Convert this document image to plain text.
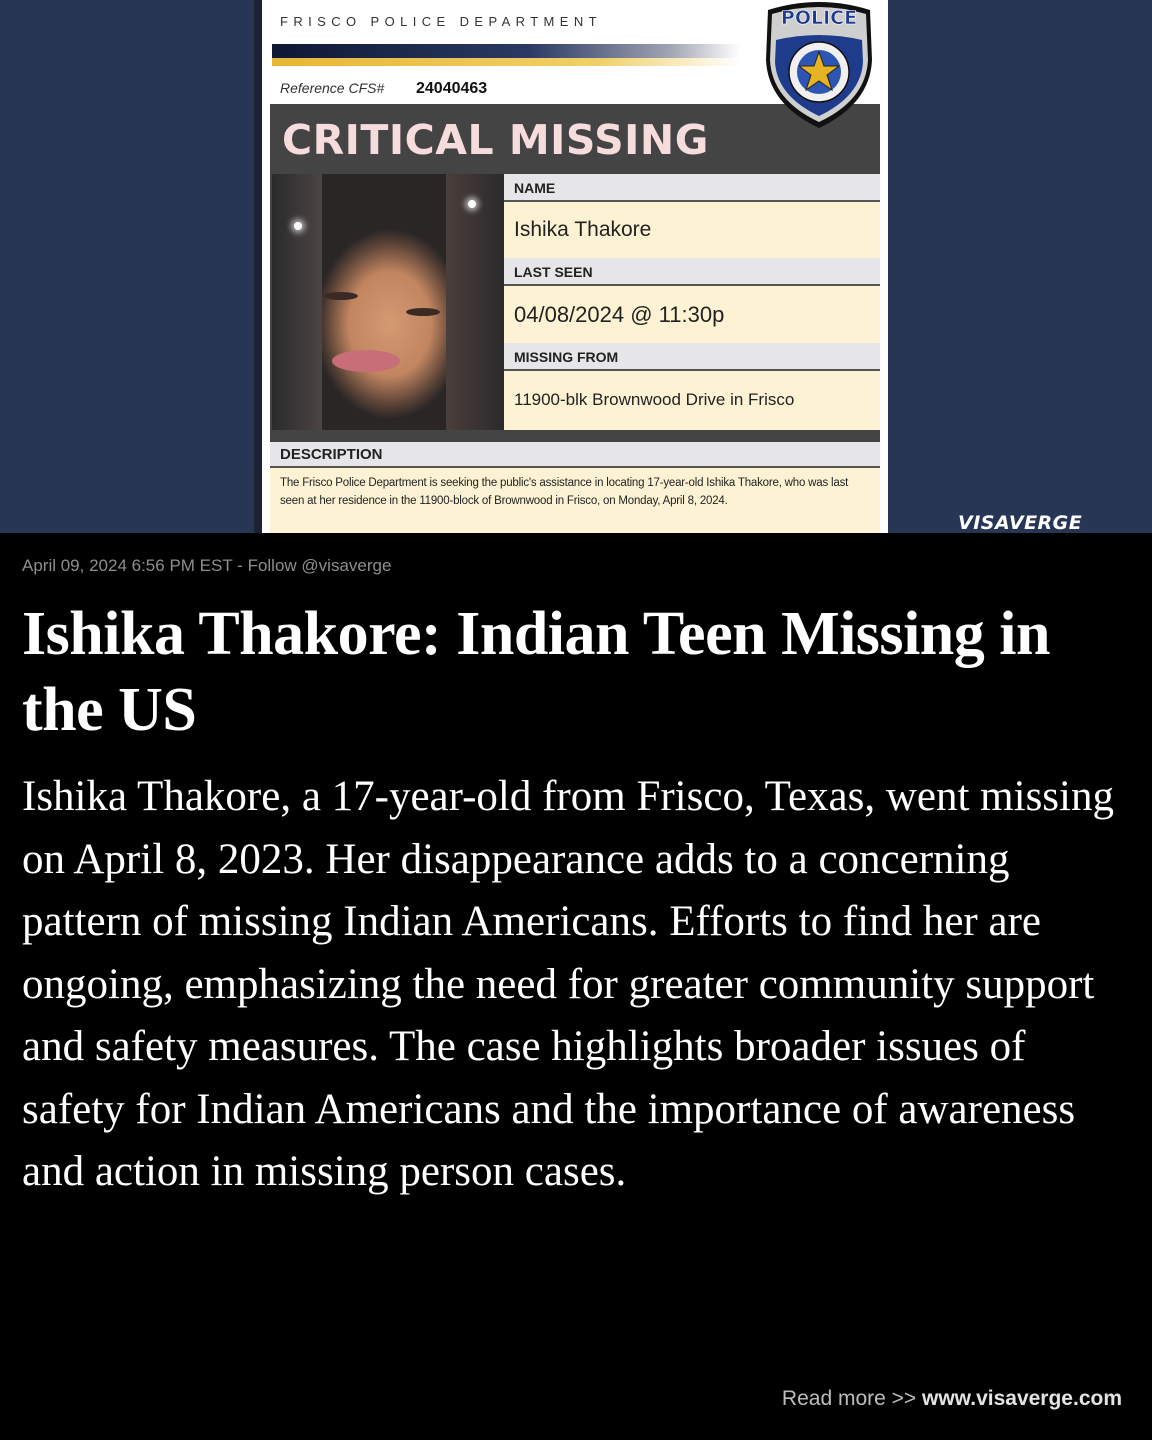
FRISCO POLICE DEPARTMENT
Reference CFS# 24040463
CRITICAL MISSING
NAME
Ishika Thakore
LAST SEEN
04/08/2024 @ 11:30p
MISSING FROM
11900-blk Brownwood Drive in Frisco
DESCRIPTION
The Frisco Police Department is seeking the public's assistance in locating 17-year-old Ishika Thakore, who was last seen at her residence in the 11900-block of Brownwood in Frisco, on Monday, April 8, 2024.
POLICE
VISAVERGE
April 09, 2024 6:56 PM EST - Follow @visaverge
Ishika Thakore: Indian Teen Missing in the US

Ishika Thakore, a 17-year-old from Frisco, Texas, went missing on April 8, 2023. Her disappearance adds to a concerning pattern of missing Indian Americans. Efforts to find her are ongoing, emphasizing the need for greater community support and safety measures. The case highlights broader issues of safety for Indian Americans and the importance of awareness and action in missing person cases.

Read more >> www.visaverge.com
